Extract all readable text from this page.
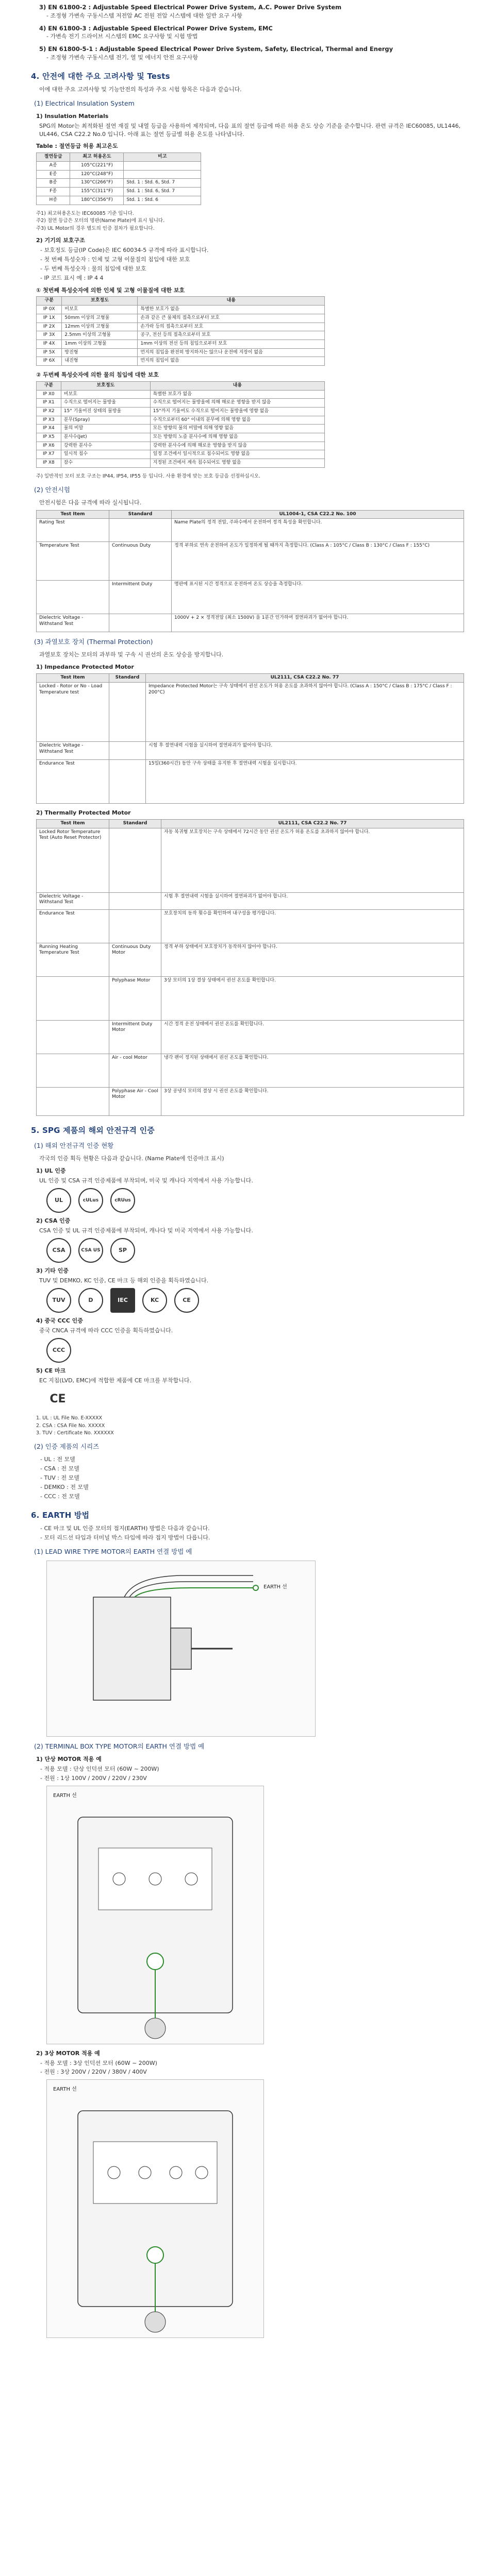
3) EN 61800-2 : Adjustable Speed Electrical Power Drive System, A.C. Power Drive System
- 조정형 가변속 구동시스템 저전압 AC 전원 전압 시스템에 대한 일반 요구 사항
4) EN 61800-3 : Adjustable Speed Electrical Power Drive System, EMC
- 가변속 전기 드라이브 시스템의 EMC 요구사항 및 시험 방법
5) EN 61800-5-1 : Adjustable Speed Electrical Power Drive System, Safety, Electrical, Thermal and Energy
- 조정형 가변속 구동시스템 전기, 열 및 에너지 안전 요구사항
4. 안전에 대한 주요 고려사항 및 Tests
이에 대한 주요 고려사항 및 기능안전의 특성과 주요 시험 항목은 다음과 같습니다.
(1) Electrical Insulation System
1) Insulation Materials
SPG의 Motor는 최적화된 절연 재질 및 내열 등급을 사용하여 제작되며, 다음 표의 절연 등급에 따른 허용 온도 상승 기준을 준수합니다. 관련 규격은 IEC60085, UL1446, UL446, CSA C22.2 No.0 입니다. 아래 표는 절연 등급별 허용 온도를 나타냅니다.
Table : 절연등급 허용 최고온도
절연등급	최고 허용온도	비고
A종	105°C(221°F)	
E종	120°C(248°F)	
B종	130°C(266°F)	Std. 1 : Std. 6, Std. 7
F종	155°C(311°F)	Std. 1 : Std. 6, Std. 7
H종	180°C(356°F)	Std. 1 : Std. 6
주1) 최고허용온도는 IEC60085 기준 입니다.
주2) 절연 등급은 모터의 명판(Name Plate)에 표시 됩니다.
주3) UL Motor의 경우 별도의 인증 절차가 필요합니다.
2) 기기의 보호구조
- 보호정도 등급(IP Code)은 IEC 60034-5 규격에 따라 표시합니다.
- 첫 번째 특성숫자 : 인체 및 고형 이물질의 침입에 대한 보호
- 두 번째 특성숫자 : 물의 침입에 대한 보호
- IP 코드 표시 예 : IP 4 4
① 첫번째 특성숫자에 의한 인체 및 고형 이물질에 대한 보호
구분	보호정도	내용
IP 0X	비보호	특별한 보호가 없음
IP 1X	50mm 이상의 고형물	손과 같은 큰 물체의 접촉으로부터 보호
IP 2X	12mm 이상의 고형물	손가락 등의 접촉으로부터 보호
IP 3X	2.5mm 이상의 고형물	공구, 전선 등의 접촉으로부터 보호
IP 4X	1mm 이상의 고형물	1mm 이상의 전선 등의 침입으로부터 보호
IP 5X	방진형	먼지의 침입을 완전히 방지하지는 않으나 운전에 지장이 없음
IP 6X	내진형	먼지의 침입이 없음
② 두번째 특성숫자에 의한 물의 침입에 대한 보호
구분	보호정도	내용
IP X0	비보호	특별한 보호가 없음
IP X1	수직으로 떨어지는 물방울	수직으로 떨어지는 물방울에 의해 해로운 영향을 받지 않음
IP X2	15° 기울어진 상태의 물방울	15°까지 기울여도 수직으로 떨어지는 물방울에 영향 없음
IP X3	분무(Spray)	수직으로부터 60° 이내의 분무에 의해 영향 없음
IP X4	물의 비말	모든 방향의 물의 비말에 의해 영향 없음
IP X5	분사수(Jet)	모든 방향의 노즐 분사수에 의해 영향 없음
IP X6	강력한 분사수	강력한 분사수에 의해 해로운 영향을 받지 않음
IP X7	일시적 침수	일정 조건에서 일시적으로 침수되어도 영향 없음
IP X8	잠수	지정된 조건에서 계속 침수되어도 영향 없음
주) 일반적인 모터 보호 구조는 IP44, IP54, IP55 등 입니다. 사용 환경에 맞는 보호 등급을 선정하십시오.
(2) 안전시험
안전시험은 다음 규격에 따라 실시됩니다.
Test Item	Standard	UL1004-1, CSA C22.2 No. 100
Rating Test		Name Plate의 정격 전압, 주파수에서 운전하여 정격 특성을 확인합니다.
Temperature Test	Continuous Duty	정격 부하로 연속 운전하여 온도가 일정하게 될 때까지 측정합니다. (Class A : 105°C / Class B : 130°C / Class F : 155°C)
	Intermittent Duty	명판에 표시된 시간 정격으로 운전하여 온도 상승을 측정합니다.
Dielectric Voltage - Withstand Test		1000V + 2 × 정격전압 (최소 1500V) 을 1분간 인가하여 절연파괴가 없어야 합니다.
(3) 과열보호 장치 (Thermal Protection)
과열보호 장치는 모터의 과부하 및 구속 시 권선의 온도 상승을 방지합니다.
1) Impedance Protected Motor
Test Item	Standard	UL2111, CSA C22.2 No. 77
Locked - Rotor or No - Load Temperature test		Impedance Protected Motor는 구속 상태에서 권선 온도가 허용 온도를 초과하지 않아야 합니다. (Class A : 150°C / Class B : 175°C / Class F : 200°C)
Dielectric Voltage - Withstand Test		시험 후 절연내력 시험을 실시하여 절연파괴가 없어야 합니다.
Endurance Test		15일(360시간) 동안 구속 상태를 유지한 후 절연내력 시험을 실시합니다.
2) Thermally Protected Motor
Test Item	Standard	UL2111, CSA C22.2 No. 77
Locked Rotor Temperature Test (Auto Reset Protector)		자동 복귀형 보호장치는 구속 상태에서 72시간 동안 권선 온도가 허용 온도를 초과하지 않아야 합니다.
Dielectric Voltage - Withstand Test		시험 후 절연내력 시험을 실시하여 절연파괴가 없어야 합니다.
Endurance Test		보호장치의 동작 횟수를 확인하여 내구성을 평가합니다.
Running Heating Temperature Test	Continuous Duty Motor	정격 부하 상태에서 보호장치가 동작하지 않아야 합니다.
	Polyphase Motor	3상 모터의 1상 결상 상태에서 권선 온도를 확인합니다.
	Intermittent Duty Motor	시간 정격 운전 상태에서 권선 온도를 확인합니다.
	Air - cool Motor	냉각 팬이 정지된 상태에서 권선 온도를 확인합니다.
	Polyphase Air - Cool Motor	3상 공냉식 모터의 결상 시 권선 온도를 확인합니다.
5. SPG 제품의 해외 안전규격 인증
(1) 해외 안전규격 인증 현황
각국의 인증 획득 현황은 다음과 같습니다. (Name Plate에 인증마크 표시)
1) UL 인증
UL 인증 및 CSA 규격 인증제품에 부착되며, 미국 및 캐나다 지역에서 사용 가능합니다.
UL	cULus	cRUus
2) CSA 인증
CSA 인증 및 UL 규격 인증제품에 부착되며, 캐나다 및 미국 지역에서 사용 가능합니다.
CSA	CSA US	SP
3) 기타 인증
TUV 및 DEMKO, KC 인증, CE 마크 등 해외 인증을 획득하였습니다.
TUV	D	IEC	KC	CE
4) 중국 CCC 인증
중국 CNCA 규격에 따라 CCC 인증을 획득하였습니다.
CCC
5) CE 마크
EC 지침(LVD, EMC)에 적합한 제품에 CE 마크를 부착합니다.
CE
1. UL : UL File No. E-XXXXX
2. CSA : CSA File No. XXXXX
3. TUV : Certificate No. XXXXXX
(2) 인증 제품의 시리즈
- UL : 전 모델
- CSA : 전 모델
- TUV : 전 모델
- DEMKO : 전 모델
- CCC : 전 모델
6. EARTH 방법
- CE 마크 및 UL 인증 모터의 접지(EARTH) 방법은 다음과 같습니다.
- 모터 리드선 타입과 터미널 박스 타입에 따라 접지 방법이 다릅니다.
(1) LEAD WIRE TYPE MOTOR의 EARTH 연결 방법 예
EARTH 선
(2) TERMINAL BOX TYPE MOTOR의 EARTH 연결 방법 예
1) 단상 MOTOR 적용 예
- 적용 모델 : 단상 인덕션 모터 (60W ~ 200W)
- 전원 : 1상 100V / 200V / 220V / 230V
EARTH 선
2) 3상 MOTOR 적용 예
- 적용 모델 : 3상 인덕션 모터 (60W ~ 200W)
- 전원 : 3상 200V / 220V / 380V / 400V
EARTH 선
